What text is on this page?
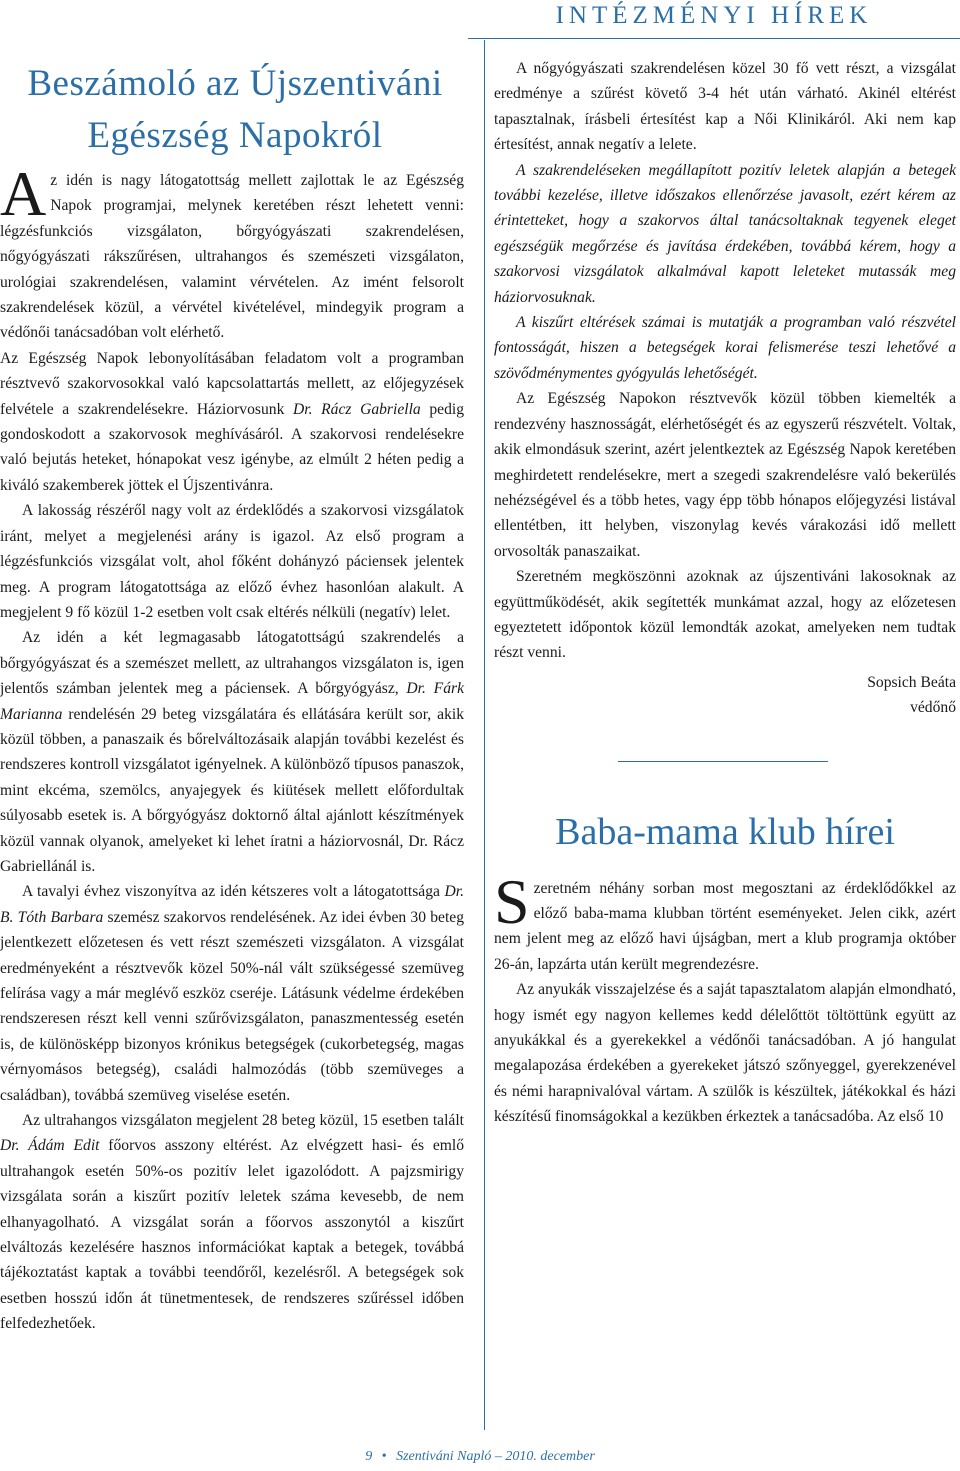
INTÉZMÉNYI HÍREK
Beszámoló az Újszentiváni
Egészség Napokról

Az idén is nagy látogatottság mellett zajlottak le az Egészség Napok programjai, melynek keretében részt lehetett venni: légzésfunkciós vizsgálaton, bőrgyógyászati szakrendelésen, nőgyógyászati rákszűrésen, ultrahangos és szemészeti vizsgálaton, urológiai szakrendelésen, valamint vérvételen. Az imént felsorolt szakrendelések közül, a vérvétel kivételével, mindegyik program a védőnői tanácsadóban volt elérhető.

Az Egészség Napok lebonyolításában feladatom volt a programban résztvevő szakorvosokkal való kapcsolattartás mellett, az előjegyzések felvétele a szakrendelésekre. Háziorvosunk Dr. Rácz Gabriella pedig gondoskodott a szakorvosok meghívásáról. A szakorvosi rendelésekre való bejutás heteket, hónapokat vesz igénybe, az elmúlt 2 héten pedig a kiváló szakemberek jöttek el Újszentivánra.

A lakosság részéről nagy volt az érdeklődés a szakorvosi vizsgálatok iránt, melyet a megjelenési arány is igazol. Az első program a légzésfunkciós vizsgálat volt, ahol főként dohányzó páciensek jelentek meg. A program látogatottsága az előző évhez hasonlóan alakult. A megjelent 9 fő közül 1-2 esetben volt csak eltérés nélküli (negatív) lelet.

Az idén a két legmagasabb látogatottságú szakrendelés a bőrgyógyászat és a szemészet mellett, az ultrahangos vizsgálaton is, igen jelentős számban jelentek meg a páciensek. A bőrgyógyász, Dr. Fárk Marianna rendelésén 29 beteg vizsgálatára és ellátására került sor, akik közül többen, a panaszaik és bőrelváltozásaik alapján további kezelést és rendszeres kontroll vizsgálatot igényelnek. A különböző típusos panaszok, mint ekcéma, szemölcs, anyajegyek és kiütések mellett előfordultak súlyosabb esetek is. A bőrgyógyász doktornő által ajánlott készítmények közül vannak olyanok, amelyeket ki lehet íratni a háziorvosnál, Dr. Rácz Gabriellánál is.

A tavalyi évhez viszonyítva az idén kétszeres volt a látogatottsága Dr. B. Tóth Barbara szemész szakorvos rendelésének. Az idei évben 30 beteg jelentkezett előzetesen és vett részt szemészeti vizsgálaton. A vizsgálat eredményeként a résztvevők közel 50%-nál vált szükségessé szemüveg felírása vagy a már meglévő eszköz cseréje. Látásunk védelme érdekében rendszeresen részt kell venni szűrővizsgálaton, panaszmentesség esetén is, de különösképp bizonyos krónikus betegségek (cukorbetegség, magas vérnyomásos betegség), családi halmozódás (több szemüveges a családban), továbbá szemüveg viselése esetén.

Az ultrahangos vizsgálaton megjelent 28 beteg közül, 15 esetben talált Dr. Ádám Edit főorvos asszony eltérést. Az elvégzett hasi- és emlő ultrahangok esetén 50%-os pozitív lelet igazolódott. A pajzsmirigy vizsgálata során a kiszűrt pozitív leletek száma kevesebb, de nem elhanyagolható. A vizsgálat során a főorvos asszonytól a kiszűrt elváltozás kezelésére hasznos információkat kaptak a betegek, továbbá tájékoztatást kaptak a további teendőről, kezelésről. A betegségek sok esetben hosszú időn át tünetmentesek, de rendszeres szűréssel időben felfedezhetőek.

A nőgyógyászati szakrendelésen közel 30 fő vett részt, a vizsgálat eredménye a szűrést követő 3-4 hét után várható. Akinél eltérést tapasztalnak, írásbeli értesítést kap a Női Klinikáról. Aki nem kap értesítést, annak negatív a lelete.

A szakrendeléseken megállapított pozitív leletek alapján a betegek további kezelése, illetve időszakos ellenőrzése javasolt, ezért kérem az érintetteket, hogy a szakorvos által tanácsoltaknak tegyenek eleget egészségük megőrzése és javítása érdekében, továbbá kérem, hogy a szakorvosi vizsgálatok alkalmával kapott leleteket mutassák meg háziorvosuknak.

A kiszűrt eltérések számai is mutatják a programban való részvétel fontosságát, hiszen a betegségek korai felismerése teszi lehetővé a szövődménymentes gyógyulás lehetőségét.

Az Egészség Napokon résztvevők közül többen kiemelték a rendezvény hasznosságát, elérhetőségét és az egyszerű részvételt. Voltak, akik elmondásuk szerint, azért jelentkeztek az Egészség Napok keretében meghirdetett rendelésekre, mert a szegedi szakrendelésre való bekerülés nehézségével és a több hetes, vagy épp több hónapos előjegyzési listával ellentétben, itt helyben, viszonylag kevés várakozási idő mellett orvosolták panaszaikat.

Szeretném megköszönni azoknak az újszentiváni lakosoknak az együttműködését, akik segítették munkámat azzal, hogy az előzetesen egyeztetett időpontok közül lemondták azokat, amelyeken nem tudtak részt venni.

Sopsich Beáta
védőnő
Baba-mama klub hírei

Szeretném néhány sorban most megosztani az érdeklődőkkel az előző baba-mama klubban történt eseményeket. Jelen cikk, azért nem jelent meg az előző havi újságban, mert a klub programja október 26-án, lapzárta után került megrendezésre.

Az anyukák visszajelzése és a saját tapasztalatom alapján elmondható, hogy ismét egy nagyon kellemes kedd délelőttöt töltöttünk együtt az anyukákkal és a gyerekekkel a védőnői tanácsadóban. A jó hangulat megalapozása érdekében a gyerekeket játszó szőnyeggel, gyerekzenével és némi harapnivalóval vártam. A szülők is készültek, játékokkal és házi készítésű finomságokkal a kezükben érkeztek a tanácsadóba. Az első 10

9 • Szentiváni Napló – 2010. december
